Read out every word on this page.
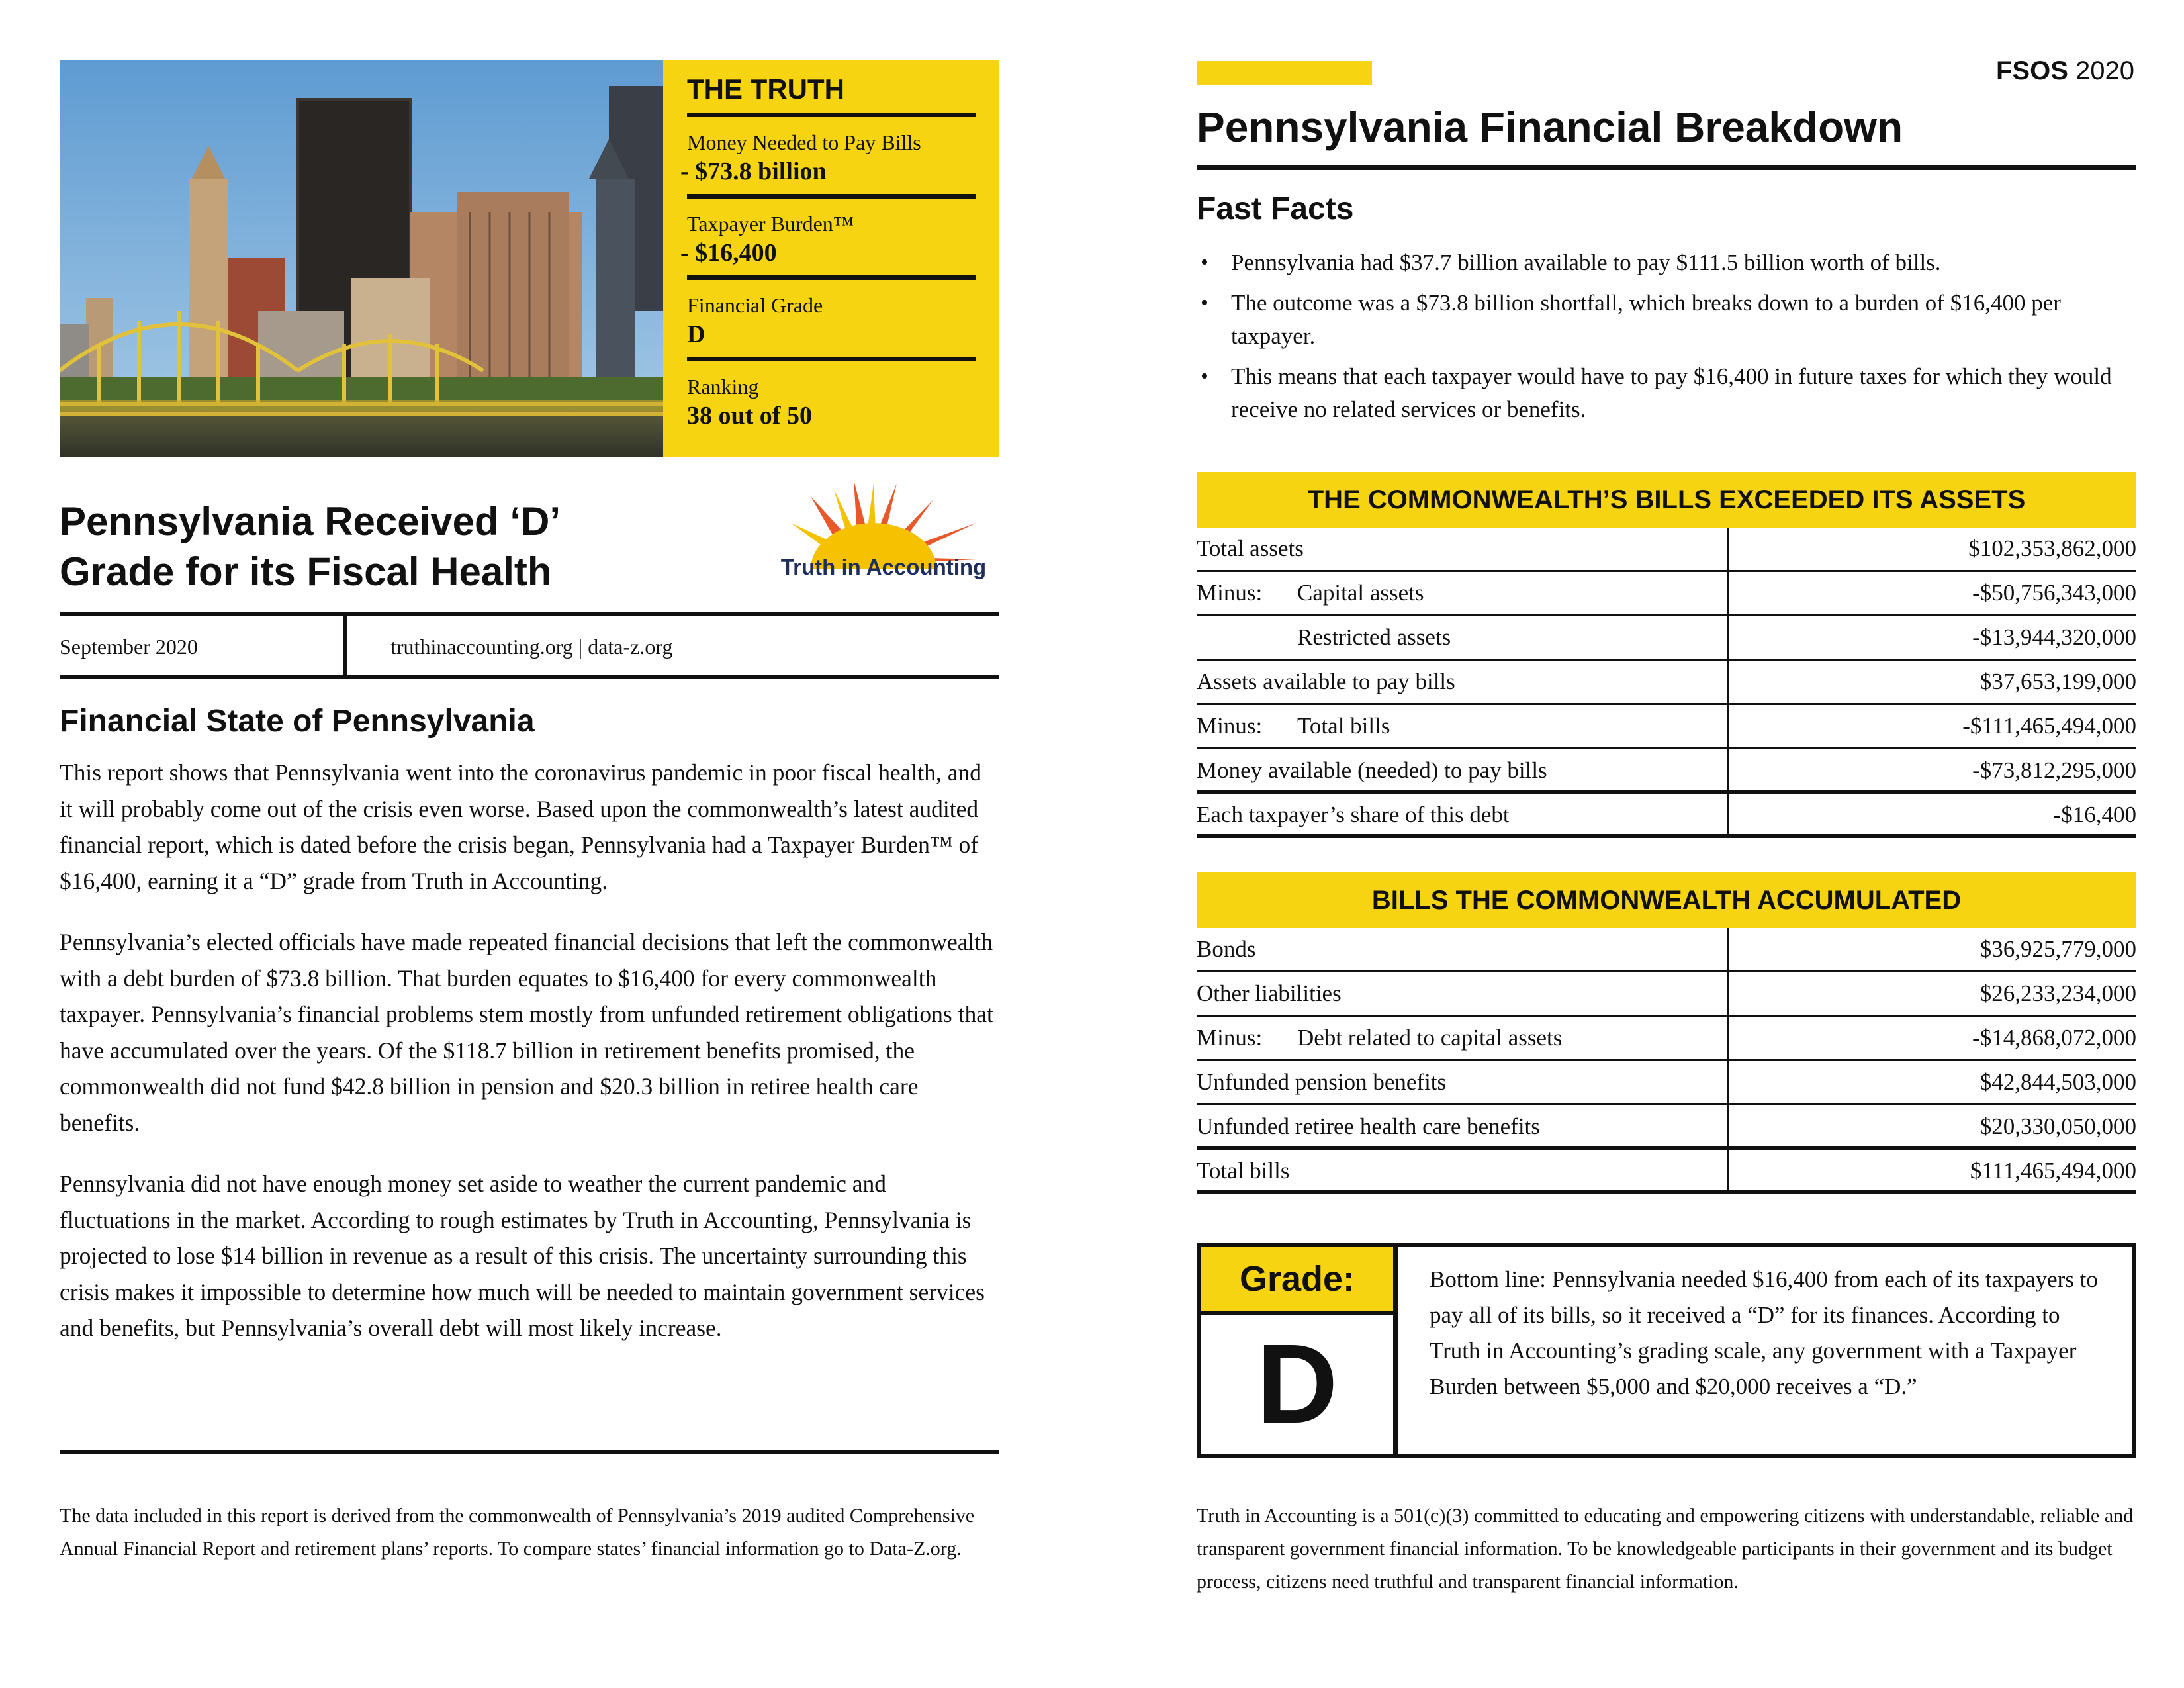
THE TRUTH
Money Needed to Pay Bills
- $73.8 billion
Taxpayer Burden™
- $16,400
Financial Grade
D
Ranking
38 out of 50
Pennsylvania Received ‘D’
Grade for its Fiscal Health	Truth in Accounting
September 2020	truthinaccounting.org | data-z.org
Financial State of Pennsylvania

This report shows that Pennsylvania went into the coronavirus pandemic in poor fiscal health, and it will probably come out of the crisis even worse. Based upon the commonwealth’s latest audited financial report, which is dated before the crisis began, Pennsylvania had a Taxpayer Burden™ of $16,400, earning it a “D” grade from Truth in Accounting.

Pennsylvania’s elected officials have made repeated financial decisions that left the commonwealth with a debt burden of $73.8 billion. That burden equates to $16,400 for every commonwealth taxpayer. Pennsylvania’s financial problems stem mostly from unfunded retirement obligations that have accumulated over the years. Of the $118.7 billion in retirement benefits promised, the commonwealth did not fund $42.8 billion in pension and $20.3 billion in retiree health care benefits.

Pennsylvania did not have enough money set aside to weather the current pandemic and fluctuations in the market. According to rough estimates by Truth in Accounting, Pennsylvania is projected to lose $14 billion in revenue as a result of this crisis. The uncertainty surrounding this crisis makes it impossible to determine how much will be needed to maintain government services and benefits, but Pennsylvania’s overall debt will most likely increase.

The data included in this report is derived from the commonwealth of Pennsylvania’s 2019 audited Comprehensive Annual Financial Report and retirement plans’ reports. To compare states’ financial information go to Data-Z.org.
FSOS 2020
Pennsylvania Financial Breakdown
Fast Facts
• Pennsylvania had $37.7 billion available to pay $111.5 billion worth of bills.
• The outcome was a $73.8 billion shortfall, which breaks down to a burden of $16,400 per taxpayer.
• This means that each taxpayer would have to pay $16,400 in future taxes for which they would receive no related services or benefits.
THE COMMONWEALTH’S BILLS EXCEEDED ITS ASSETS
Total assets	$102,353,862,000
Minus: Capital assets	-$50,756,343,000
Restricted assets	-$13,944,320,000
Assets available to pay bills	$37,653,199,000
Minus: Total bills	-$111,465,494,000
Money available (needed) to pay bills	-$73,812,295,000
Each taxpayer’s share of this debt	-$16,400
BILLS THE COMMONWEALTH ACCUMULATED
Bonds	$36,925,779,000
Other liabilities	$26,233,234,000
Minus: Debt related to capital assets	-$14,868,072,000
Unfunded pension benefits	$42,844,503,000
Unfunded retiree health care benefits	$20,330,050,000
Total bills	$111,465,494,000
Grade:
D
Bottom line: Pennsylvania needed $16,400 from each of its taxpayers to pay all of its bills, so it received a “D” for its finances. According to Truth in Accounting’s grading scale, any government with a Taxpayer Burden between $5,000 and $20,000 receives a “D.”
Truth in Accounting is a 501(c)(3) committed to educating and empowering citizens with understandable, reliable and transparent government financial information. To be knowledgeable participants in their government and its budget process, citizens need truthful and transparent financial information.
